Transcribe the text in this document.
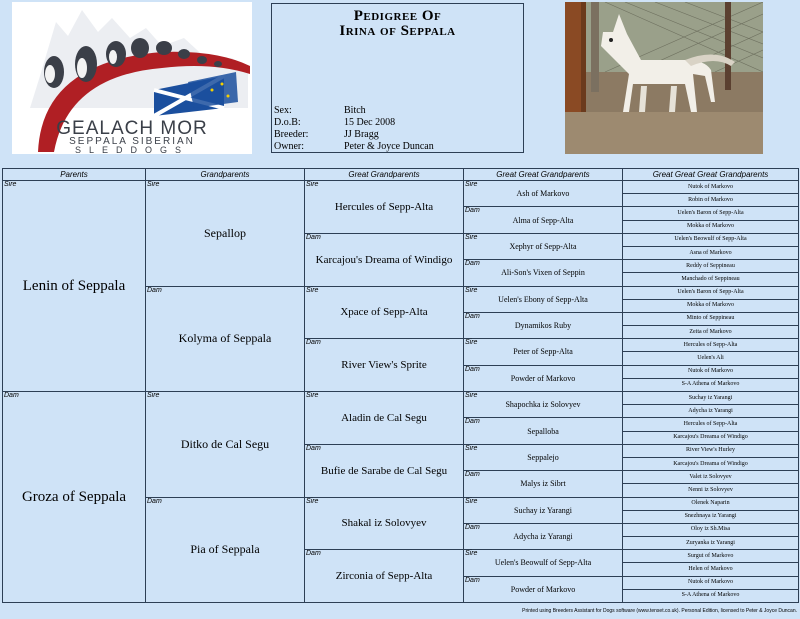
GEALACH MOR
SEPPALA SIBERIAN
SLEDDOGS
Pedigree Of
Irina of Seppala
Sex:	Bitch
D.o.B:	15 Dec 2008
Breeder:	JJ Bragg
Owner:	Peter & Joyce Duncan
Parents	Grandparents	Great Grandparents	Great Great Grandparents	Great Great Great Grandparents

Sire
Lenin of Seppala	Sire
Sepallop	Sire
Hercules of Sepp-Alta	Sire
Ash of Markovo	Nutok of Markovo
				Robin of Markovo

			Dam
Alma of Sepp-Alta	Uelen's Baron of Sepp-Alta
				Mokka of Markovo

		Dam
Karcajou's Dreama of Windigo	Sire
Xephyr of Sepp-Alta	Uelen's Beowulf of Sepp-Alta
				Asna of Markovo

			Dam
Ali-Son's Vixen of Seppin	Reddy of Seppineau
				Manchado of Seppineau

	Dam
Kolyma of Seppala	Sire
Xpace of Sepp-Alta	Sire
Uelen's Ebony of Sepp-Alta	Uelen's Baron of Sepp-Alta
				Mokka of Markovo

			Dam
Dynamikos Ruby	Minto of Seppineau
				Zeita of Markovo

		Dam
River View's Sprite	Sire
Peter of Sepp-Alta	Hercules of Sepp-Alta
				Uelen's Ali

			Dam
Powder of Markovo	Nutok of Markovo
				S-A Athena of Markovo

Dam
Groza of Seppala	Sire
Ditko de Cal Segu	Sire
Aladin de Cal Segu	Sire
Shapochka iz Solovyev	Suchay iz Yarangi
				Adycha iz Yarangi

			Dam
Sepalloba	Hercules of Sepp-Alta
				Karcajou's Dreama of Windigo

		Dam
Bufie de Sarabe de Cal Segu	Sire
Seppalejo	River View's Hurley
				Karcajou's Dreama of Windigo

			Dam
Malys iz Sibrt	Valet iz Solovyev
				Nenni iz Solovyev

	Dam
Pia of Seppala	Sire
Shakal iz Solovyev	Sire
Suchay iz Yarangi	Olenek Naparin
				Snezhnaya iz Yarangi

			Dam
Adycha iz Yarangi	Oloy iz Sh.Misa
				Zuryanka iz Yarangi

		Dam
Zirconia of Sepp-Alta	Sire
Uelen's Beowulf of Sepp-Alta	Surgut of Markovo
				Helen of Markovo

			Dam
Powder of Markovo	Nutok of Markovo
				S-A Athena of Markovo
Printed using Breeders Assistant for Dogs software (www.tenset.co.uk). Personal Edition, licensed to Peter & Joyce Duncan.
